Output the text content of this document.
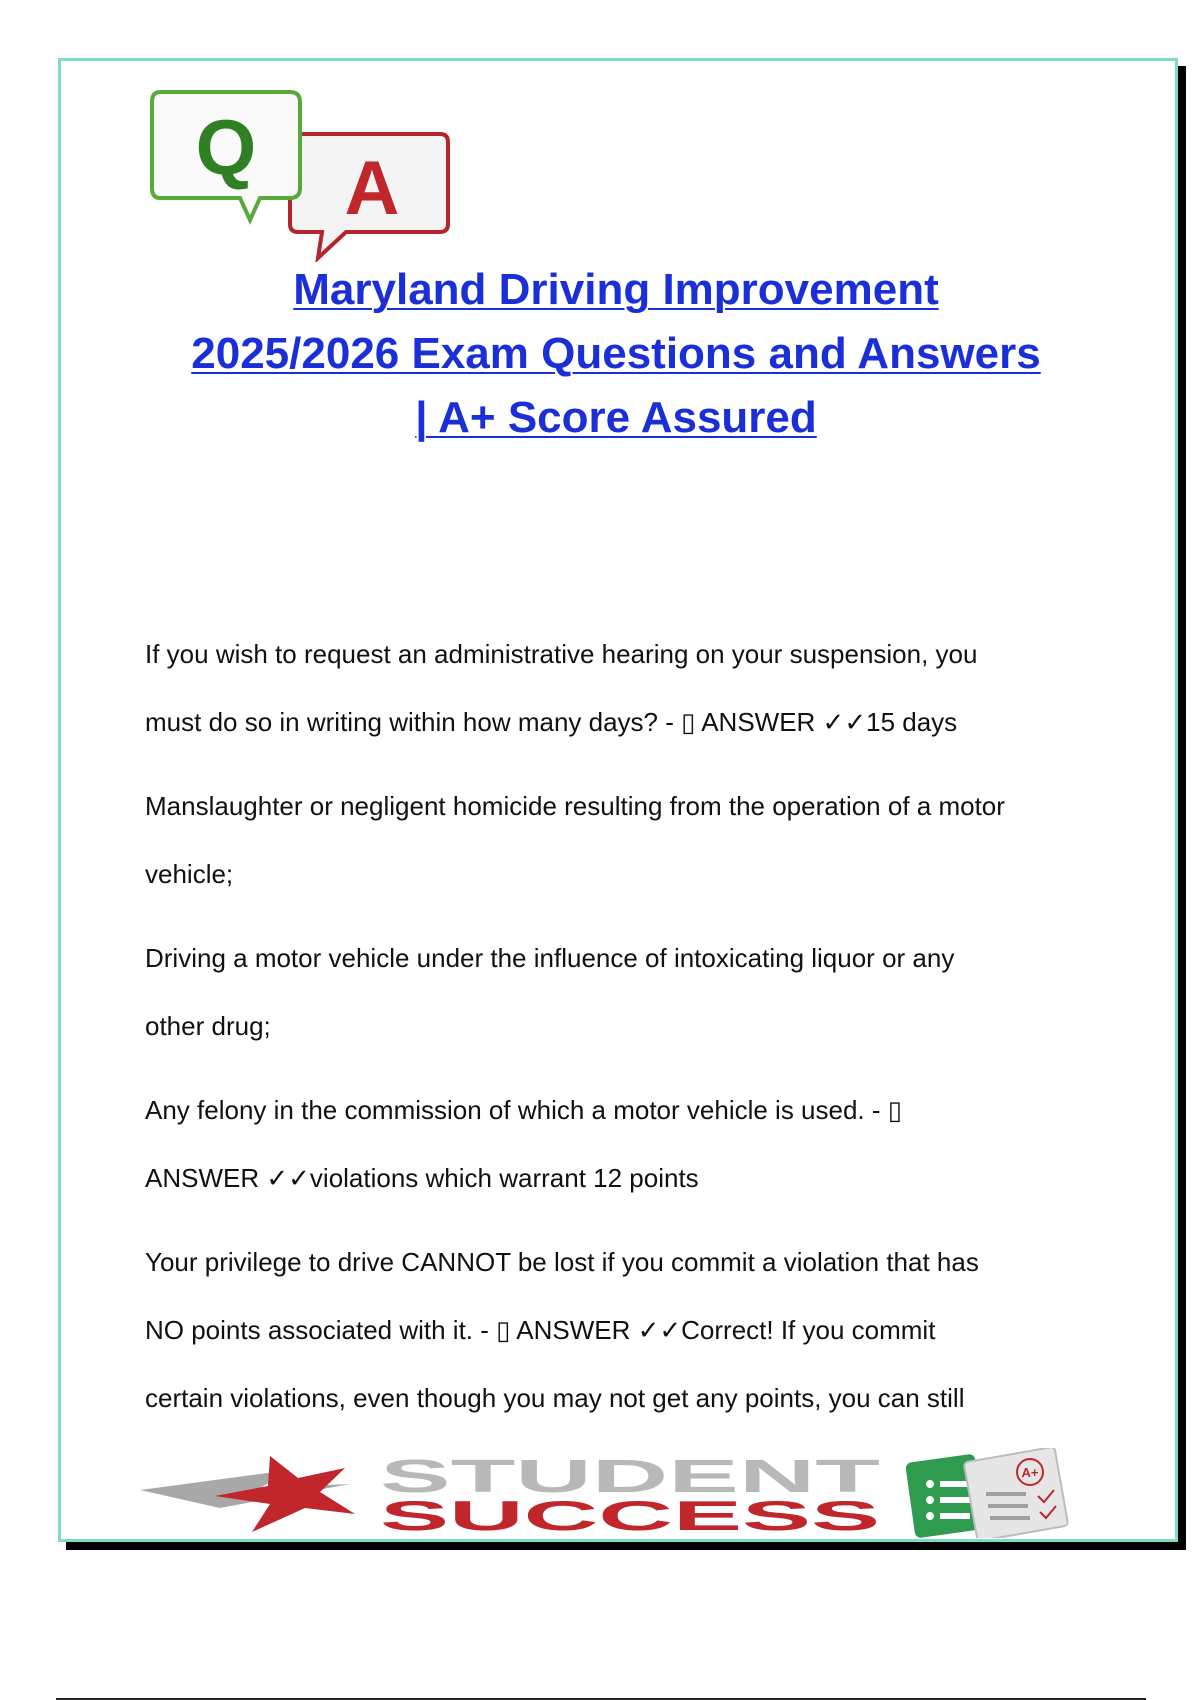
A
Q
Maryland Driving Improvement
2025/2026 Exam Questions and Answers
| A+ Score Assured

If you wish to request an administrative hearing on your suspension, you
must do so in writing within how many days? - ▯ ANSWER ✓✓15 days

Manslaughter or negligent homicide resulting from the operation of a motor
vehicle;

Driving a motor vehicle under the influence of intoxicating liquor or any
other drug;

Any felony in the commission of which a motor vehicle is used. - ▯
ANSWER ✓✓violations which warrant 12 points

Your privilege to drive CANNOT be lost if you commit a violation that has
NO points associated with it. - ▯ ANSWER ✓✓Correct! If you commit
certain violations, even though you may not get any points, you can still

STUDENT
SUCCESS
A+
